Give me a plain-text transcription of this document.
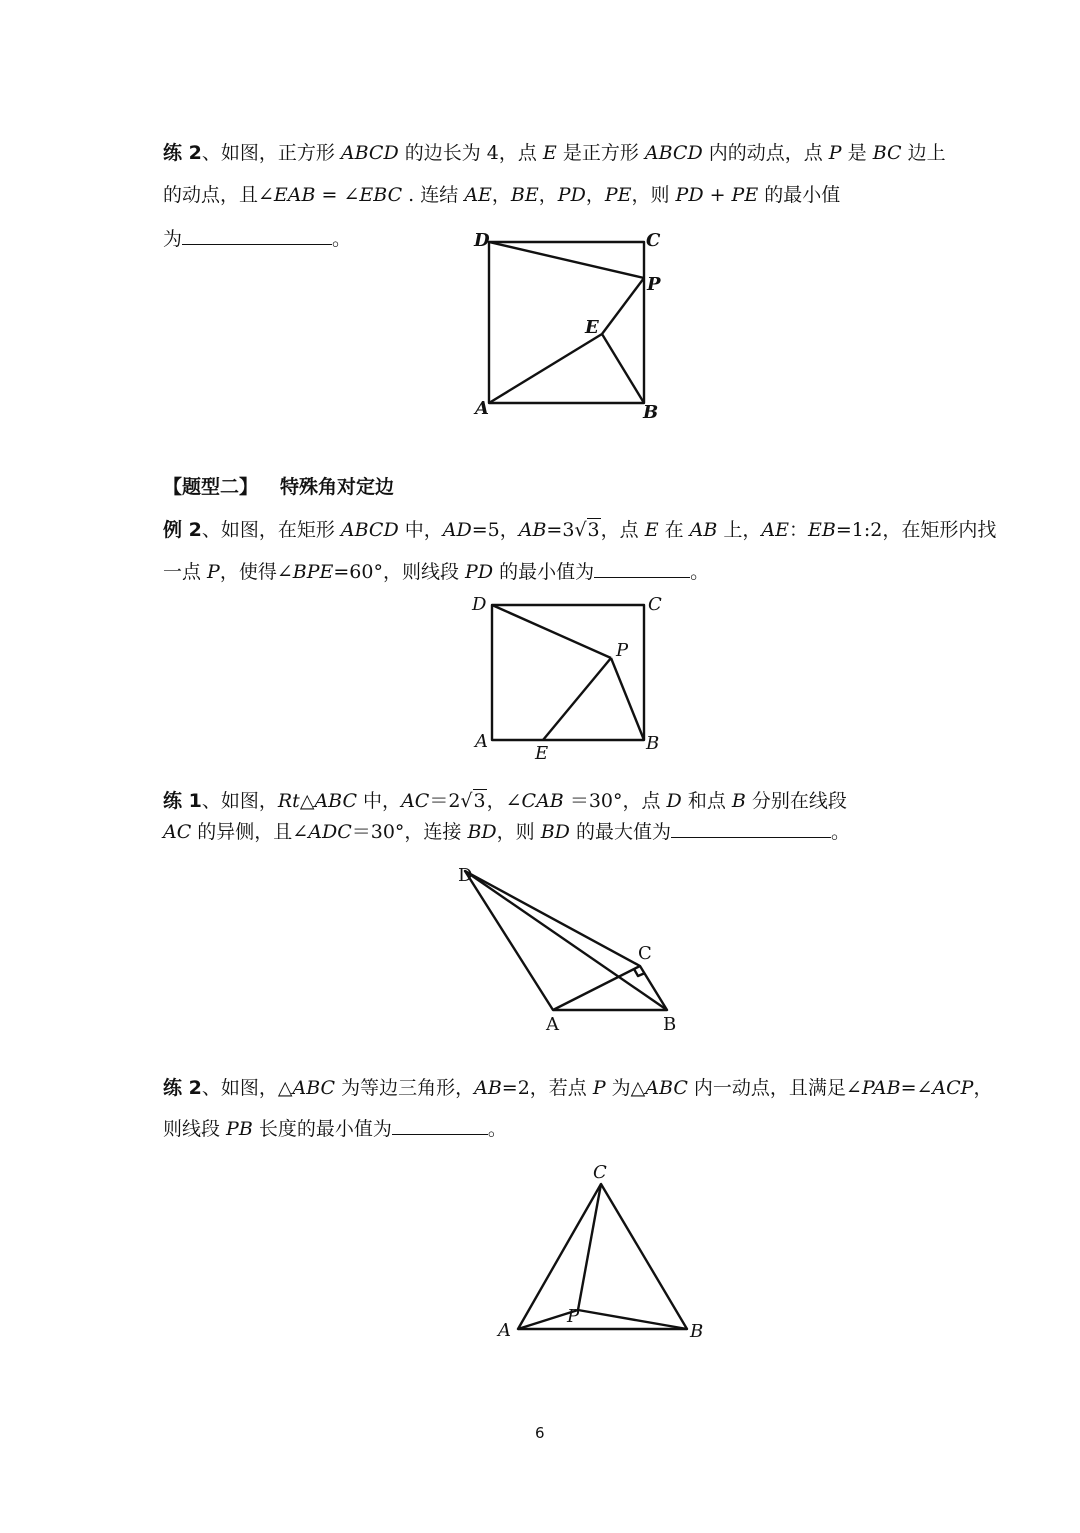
练 2、如图，正方形 ABCD 的边长为 4，点 E 是正方形 ABCD 内的动点，点 P 是 BC 边上
的动点，且∠EAB = ∠EBC . 连结 AE，BE，PD，PE，则 PD + PE 的最小值
为	。	D	C
P
E
A	B
【题型二】 特殊角对定边
例 2、如图，在矩形 ABCD 中，AD=5，AB=3√3，点 E 在 AB 上，AE：EB=1:2，在矩形内找
一点 P，使得∠BPE=60°，则线段 PD 的最小值为	。
D	C
P
A
E	B
练 1、如图，Rt△ABC 中，AC＝2√3，∠CAB ＝30°，点 D 和点 B 分别在线段
AC 的异侧，且∠ADC＝30°，连接 BD，则 BD 的最大值为	。
D
C
A	B
练 2、如图，△ABC 为等边三角形，AB=2，若点 P 为△ABC 内一动点，且满足∠PAB=∠ACP，
则线段 PB 长度的最小值为	。
C
P
A	B
6
